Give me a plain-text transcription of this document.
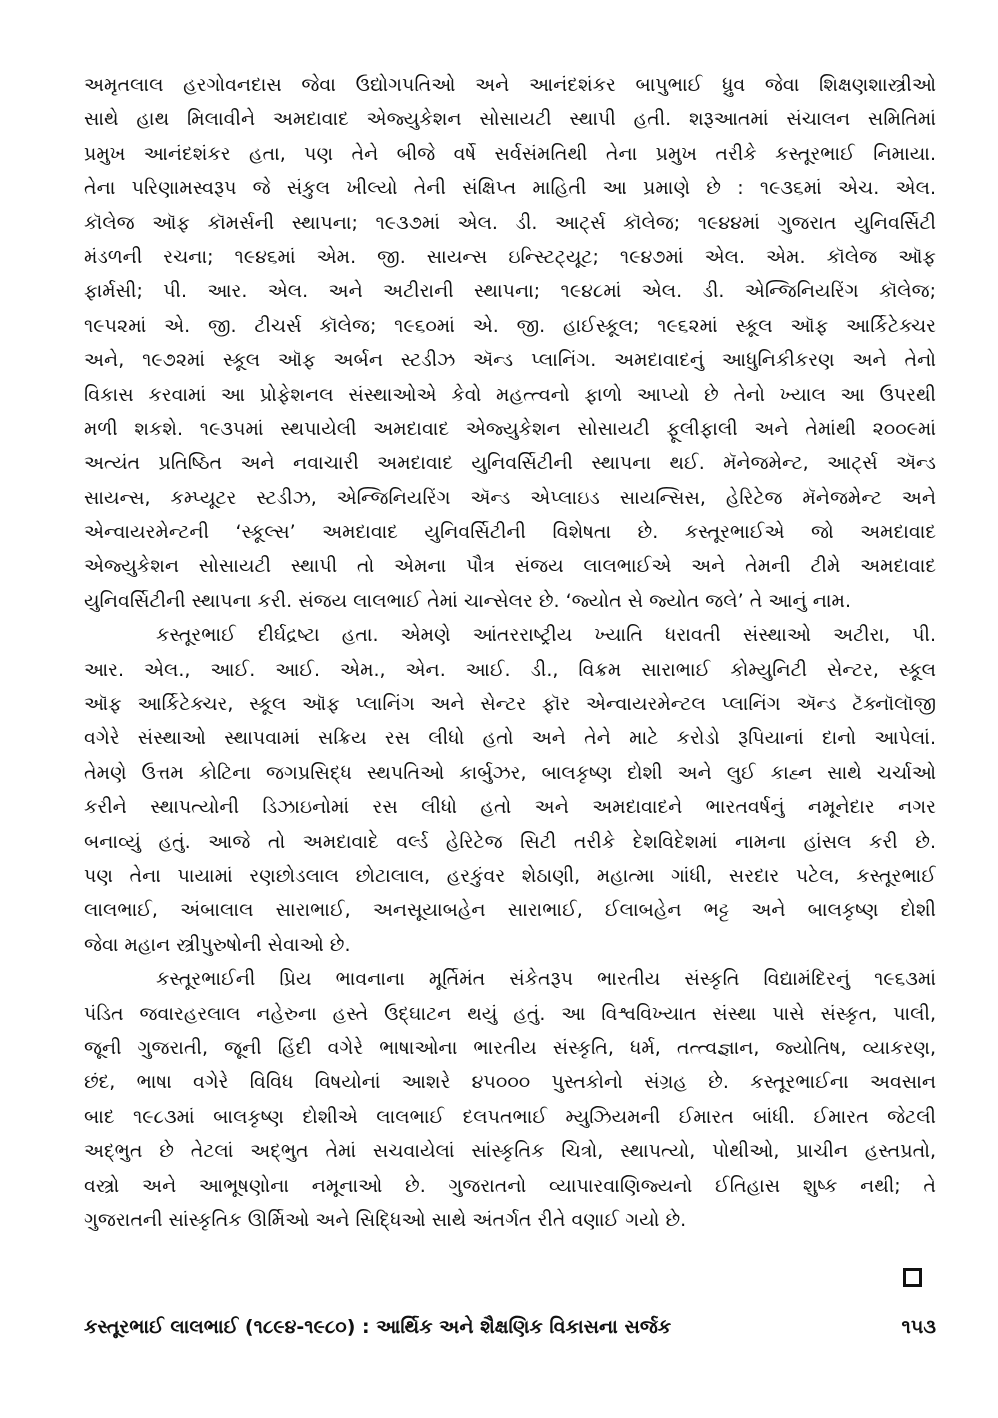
અમૃતલાલ હરગોવનદાસ જેવા ઉદ્યોગપતિઓ અને આનંદશંકર બાપુભાઈ ધ્રુવ જેવા શિક્ષણશાસ્ત્રીઓ
સાથે હાથ મિલાવીને અમદાવાદ એજ્યુકેશન સોસાયટી સ્થાપી હતી. શરૂઆતમાં સંચાલન સમિતિમાં
પ્રમુખ આનંદશંકર હતા, પણ તેને બીજે વર્ષે સર્વસંમતિથી તેના પ્રમુખ તરીકે કસ્તૂરભાઈ નિમાયા.
તેના પરિણામસ્વરૂપ જે સંકુલ ખીલ્યો તેની સંક્ષિપ્ત માહિતી આ પ્રમાણે છે : ૧૯૩૬માં એચ. એલ.
કૉલેજ ઑફ કૉમર્સની સ્થાપના; ૧૯૩૭માં એલ. ડી. આર્ટ્સ કૉલેજ; ૧૯૪૪માં ગુજરાત યુનિવર્સિટી
મંડળની રચના; ૧૯૪૬માં એમ. જી. સાયન્સ ઇન્સ્ટિટ્યૂટ; ૧૯૪૭માં એલ. એમ. કૉલેજ ઑફ
ફાર્મસી; પી. આર. એલ. અને અટીરાની સ્થાપના; ૧૯૪૮માં એલ. ડી. એન્જિનિયરિંગ કૉલેજ;
૧૯૫૨માં એ. જી. ટીચર્સ કૉલેજ; ૧૯૬૦માં એ. જી. હાઈસ્કૂલ; ૧૯૬૨માં સ્કૂલ ઑફ આર્કિટેક્ચર
અને, ૧૯૭૨માં સ્કૂલ ઑફ અર્બન સ્ટડીઝ ઍન્ડ પ્લાનિંગ. અમદાવાદનું આધુનિકીકરણ અને તેનો
વિકાસ કરવામાં આ પ્રોફેશનલ સંસ્થાઓએ કેવો મહત્ત્વનો ફાળો આપ્યો છે તેનો ખ્યાલ આ ઉપરથી
મળી શકશે. ૧૯૩૫માં સ્થપાયેલી અમદાવાદ એજ્યુકેશન સોસાયટી ફૂલીફાલી અને તેમાંથી ૨૦૦૯માં
અત્યંત પ્રતિષ્ઠિત અને નવાચારી અમદાવાદ યુનિવર્સિટીની સ્થાપના થઈ. મૅનેજમેન્ટ, આર્ટ્સ ઍન્ડ
સાયન્સ, કમ્પ્યૂટર સ્ટડીઝ, એન્જિનિયરિંગ ઍન્ડ એપ્લાઇડ સાયન્સિસ, હેરિટેજ મૅનેજમેન્ટ અને
એન્વાયરમેન્ટની ‘સ્કૂલ્સ’ અમદાવાદ યુનિવર્સિટીની વિશેષતા છે. કસ્તૂરભાઈએ જો અમદાવાદ
એજ્યુકેશન સોસાયટી સ્થાપી તો એમના પૌત્ર સંજય લાલભાઈએ અને તેમની ટીમે અમદાવાદ
યુનિવર્સિટીની સ્થાપના કરી. સંજય લાલભાઈ તેમાં ચાન્સેલર છે. ‘જ્યોત સે જ્યોત જલે’ તે આનું નામ.
કસ્તૂરભાઈ દીર્ઘદ્રષ્ટા હતા. એમણે આંતરરાષ્ટ્રીય ખ્યાતિ ધરાવતી સંસ્થાઓ અટીરા, પી.
આર. એલ., આઈ. આઈ. એમ., એન. આઈ. ડી., વિક્રમ સારાભાઈ કોમ્યુનિટી સેન્ટર, સ્કૂલ
ઑફ આર્કિટેક્ચર, સ્કૂલ ઑફ પ્લાનિંગ અને સેન્ટર ફૉર એન્વાયરમેન્ટલ પ્લાનિંગ ઍન્ડ ટૅક્નૉલૉજી
વગેરે સંસ્થાઓ સ્થાપવામાં સક્રિય રસ લીધો હતો અને તેને માટે કરોડો રૂપિયાનાં દાનો આપેલાં.
તેમણે ઉત્તમ કોટિના જગપ્રસિદ્ધ સ્થપતિઓ કાર્બુઝર, બાલકૃષ્ણ દોશી અને લુઈ કાહ્ન સાથે ચર્ચાઓ
કરીને સ્થાપત્યોની ડિઝાઇનોમાં રસ લીધો હતો અને અમદાવાદને ભારતવર્ષનું નમૂનેદાર નગર
બનાવ્યું હતું. આજે તો અમદાવાદે વર્લ્ડ હેરિટેજ સિટી તરીકે દેશવિદેશમાં નામના હાંસલ કરી છે.
પણ તેના પાયામાં રણછોડલાલ છોટાલાલ, હરકુંવર શેઠાણી, મહાત્મા ગાંધી, સરદાર પટેલ, કસ્તૂરભાઈ
લાલભાઈ, અંબાલાલ સારાભાઈ, અનસૂયાબહેન સારાભાઈ, ઈલાબહેન ભટ્ટ અને બાલકૃષ્ણ દોશી
જેવા મહાન સ્ત્રીપુરુષોની સેવાઓ છે.
કસ્તૂરભાઈની પ્રિય ભાવનાના મૂર્તિમંત સંકેતરૂપ ભારતીય સંસ્કૃતિ વિદ્યામંદિરનું ૧૯૬૩માં
પંડિત જવારહરલાલ નહેરુના હસ્તે ઉદ્ઘાટન થયું હતું. આ વિશ્વવિખ્યાત સંસ્થા પાસે સંસ્કૃત, પાલી,
જૂની ગુજરાતી, જૂની હિંદી વગેરે ભાષાઓના ભારતીય સંસ્કૃતિ, ધર્મ, તત્ત્વજ્ઞાન, જ્યોતિષ, વ્યાકરણ,
છંદ, ભાષા વગેરે વિવિધ વિષયોનાં આશરે ૪૫૦૦૦ પુસ્તકોનો સંગ્રહ છે. કસ્તૂરભાઈના અવસાન
બાદ ૧૯૮૩માં બાલકૃષ્ણ દોશીએ લાલભાઈ દલપતભાઈ મ્યુઝિયમની ઈમારત બાંધી. ઈમારત જેટલી
અદ્ભુત છે તેટલાં અદ્ભુત તેમાં સચવાયેલાં સાંસ્કૃતિક ચિત્રો, સ્થાપત્યો, પોથીઓ, પ્રાચીન હસ્તપ્રતો,
વસ્ત્રો અને આભૂષણોના નમૂનાઓ છે. ગુજરાતનો વ્યાપારવાણિજ્યનો ઈતિહાસ શુષ્ક નથી; તે
ગુજરાતની સાંસ્કૃતિક ઊર્મિઓ અને સિદ્ધિઓ સાથે અંતર્ગત રીતે વણાઈ ગયો છે.
કસ્તૂરભાઈ લાલભાઈ (૧૮૯૪-૧૯૮૦) : આર્થિક અને શૈક્ષણિક વિકાસના સર્જક	૧૫૩
